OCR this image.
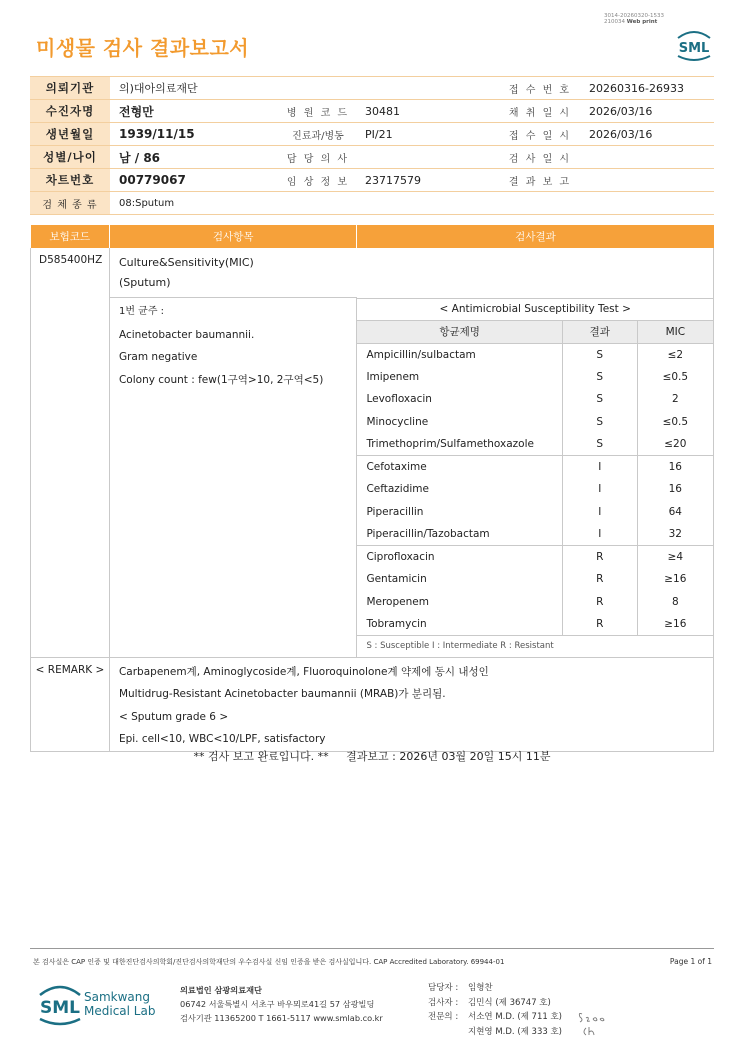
3014-20260320-1533
210034 Web print
미생물 검사 결과보고서	SML
의뢰기관	의)대아의료재단			접 수 번 호	20260316-26933
수진자명	전형만	병 원 코 드	30481	채 취 일 시	2026/03/16
생년월일	1939/11/15	진료과/병동	PI/21	접 수 일 시	2026/03/16
성별/나이	남 / 86	담 당 의 사		검 사 일 시	
차트번호	00779067	임 상 정 보	23717579	결 과 보 고	
검 체 종 류	08:Sputum				
보험코드	검사항목	검사결과
D585400HZ	Culture&Sensitivity(MIC)
(Sputum)

1번 균주 :
Acinetobacter baumannii.
Gram negative
Colony count : few(1구역>10, 2구역<5)

< Antimicrobial Susceptibility Test >
항균제명	결과	MIC
Ampicillin/sulbactam	S	≤2
Imipenem	S	≤0.5
Levofloxacin	S	2
Minocycline	S	≤0.5
Trimethoprim/Sulfamethoxazole	S	≤20
Cefotaxime	I	16
Ceftazidime	I	16
Piperacillin	I	64
Piperacillin/Tazobactam	I	32
Ciprofloxacin	R	≥4
Gentamicin	R	≥16
Meropenem	R	8
Tobramycin	R	≥16
S : Susceptible I : Intermediate R : Resistant

< REMARK >	Carbapenem계, Aminoglycoside계, Fluoroquinolone계 약제에 동시 내성인
Multidrug-Resistant Acinetobacter baumannii (MRAB)가 분리됨.
< Sputum grade 6 >
Epi. cell<10, WBC<10/LPF, satisfactory
** 검사 보고 완료입니다. ** 결과보고 : 2026년 03월 20일 15시 11분
본 검사실은 CAP 인증 및 대한진단검사의학회/진단검사의학재단의 우수검사실 신임 인증을 받은 검사실입니다. CAP Accredited Laboratory. 69944-01	Page 1 of 1
SML
Samkwang
Medical Lab
의료법인 삼광의료재단
06742 서울특별시 서초구 바우뫼로41길 57 삼광빌딩
검사기관 11365200 T 1661-5117 www.smlab.co.kr
담당자 : 임형찬
검사자 : 김민식 (제 36747 호)
전문의 : 서소연 M.D. (제 711 호)
지현영 M.D. (제 333 호)
